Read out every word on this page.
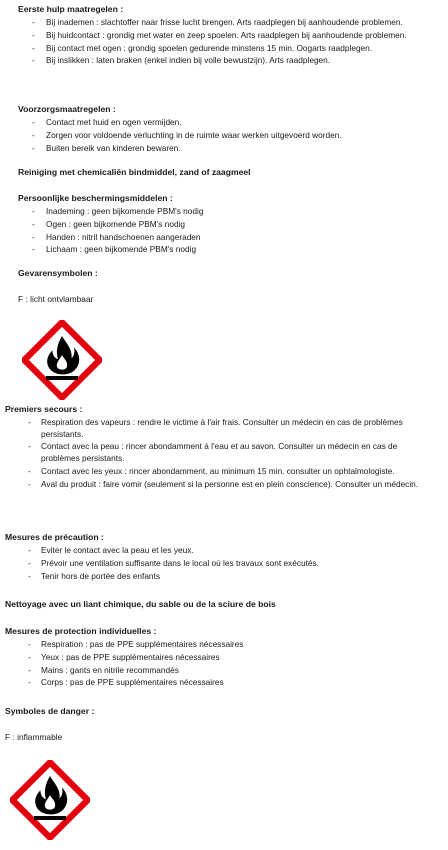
Eerste hulp maatregelen :
- Bij inademen : slachtoffer naar frisse lucht brengen. Arts raadplegen bij aanhoudende problemen.
- Bij huidcontact : grondig met water en zeep spoelen. Arts raadplegen bij aanhoudende problemen.
- Bij contact met ogen : grondig spoelen gedurende minstens 15 min. Oogarts raadplegen.
- Bij inslikken : laten braken (enkel indien bij volle bewustzijn). Arts raadplegen.
Voorzorgsmaatregelen :
- Contact met huid en ogen vermijden.
- Zorgen voor voldoende verluchting in de ruimte waar werken uitgevoerd worden.
- Buiten bereik van kinderen bewaren.
Reiniging met chemicaliën bindmiddel, zand of zaagmeel
Persoonlijke beschermingsmiddelen :
- Inademing : geen bijkomende PBM's nodig
- Ogen : geen bijkomende PBM's nodig
- Handen : nitril handschoenen aangeraden
- Lichaam : geen bijkomende PBM's nodig
Gevarensymbolen :
F : licht ontvlambaar
Premiers secours :
- Respiration des vapeurs : rendre le victime à l'air frais. Consulter un médecin en cas de problèmes persistants.
- Contact avec la peau : rincer abondamment à l'eau et au savon. Consulter un médecin en cas de problèmes persistants.
- Contact avec les yeux : rincer abondamment, au minimum 15 min. consulter un ophtalmologiste.
- Aval du produit : faire vomir (seulement si la personne est en plein conscience). Consulter un médecin.
Mesures de précaution :
- Eviter le contact avec la peau et les yeux.
- Prévoir une ventilation suffisante dans le local où les travaux sont exécutés.
- Tenir hors de portée des enfants
Nettoyage avec un liant chimique, du sable ou de la sciure de bois
Mesures de protection individuelles :
- Respiration : pas de PPE supplémentaires nécessaires
- Yeux : pas de PPE supplémentaires nécessaires
- Mains : gants en nitrile recommandés
- Corps : pas de PPE supplémentaires nécessaires
Symboles de danger :
F : inflammable
